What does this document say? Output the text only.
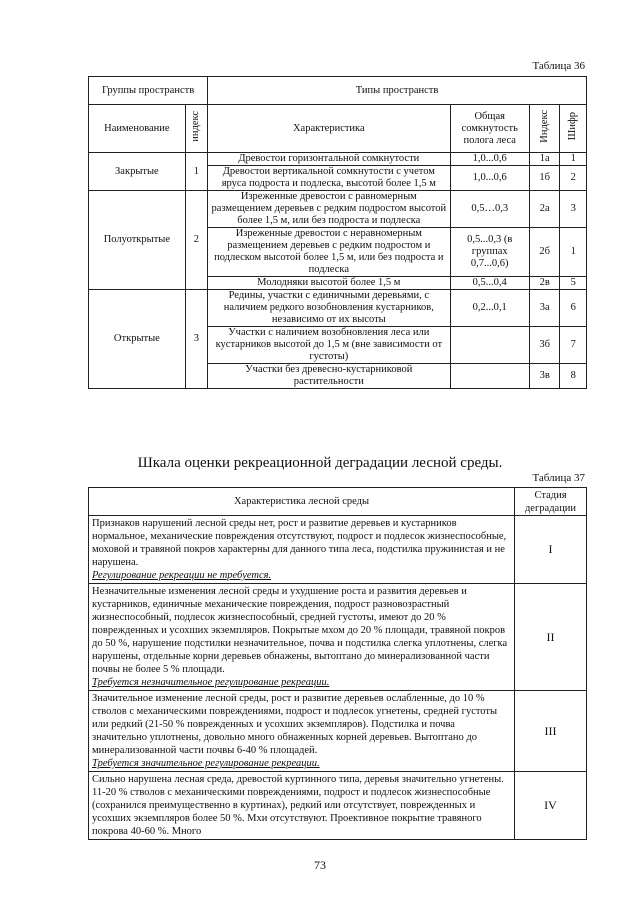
Таблица 36
Группы пространств		Типы пространств			
Наименование	индекс	Характеристика	Общая сомкнутость полога леса	Индекс	Шифр
Закрытые	1	Древостои горизонтальной сомкнутости	1,0...0,6	1а	1
		Древостои вертикальной сомкнутости с учетом яруса подроста и подлеска, высотой более 1,5 м	1,0...0,6	1б	2
Полуоткрытые	2	Изреженные древостои с равномерным размещением деревьев с редким подростом высотой более 1,5 м, или без подроста и подлеска	0,5…0,3	2а	3
		Изреженные древостои с неравномерным размещением деревьев с редким подростом и подлеском высотой более 1,5 м, или без подроста и подлеска	0,5...0,3 (в группах 0,7...0,6)	2б	1
		Молодняки высотой более 1,5 м	0,5...0,4	2в	5
Открытые	3	Редины, участки с единичными деревьями, с наличием редкого возобновления кустарников, независимо от их высоты	0,2...0,1	3а	6
		Участки с наличием возобновления леса или кустарников высотой до 1,5 м (вне зависимости от густоты)		3б	7
		Участки без древесно-кустарниковой растительности		3в	8
Шкала оценки рекреационной деградации лесной среды.
Таблица 37
Характеристика лесной среды	Стадия деградации

Признаков нарушений лесной среды нет, рост и развитие деревьев и кустарников нормальное, механические повреждения отсутствуют, подрост и подлесок жизнеспособные, моховой и травяной покров характерны для данного типа леса, подстилка пружинистая и не нарушена.
Регулирование рекреации не требуется.	I

Незначительные изменения лесной среды и ухудшение роста и развития деревьев и кустарников, единичные механические повреждения, подрост разновозрастный жизнеспособный, подлесок жизнеспособный, средней густоты, имеют до 20 % поврежденных и усохших экземпляров. Покрытые мхом до 20 % площади, травяной покров до 50 %, нарушение подстилки незначительное, почва и подстилка слегка уплотнены, слегка нарушены, отдельные корни деревьев обнажены, вытоптано до минерализованной части почвы не более 5 % площади.
Требуется незначительное регулирование рекреации.	II

Значительное изменение лесной среды, рост и развитие деревьев ослабленные, до 10 % стволов с механическими повреждениями, подрост и подлесок угнетены, средней густоты или редкий (21-50 % поврежденных и усохших экземпляров). Подстилка и почва значительно уплотнены, довольно много обнаженных корней деревьев. Вытоптано до минерализованной части почвы 6-40 % площадей.
Требуется значительное регулирование рекреации.	III

Сильно нарушена лесная среда, древостой куртинного типа, деревья значительно угнетены. 11-20 % стволов с механическими повреждениями, подрост и подлесок жизнеспособные (сохранился преимущественно в куртинах), редкий или отсутствует, поврежденных и усохших экземпляров более 50 %. Мхи отсутствуют. Проективное покрытие травяного покрова 40-60 %. Много	IV
73
